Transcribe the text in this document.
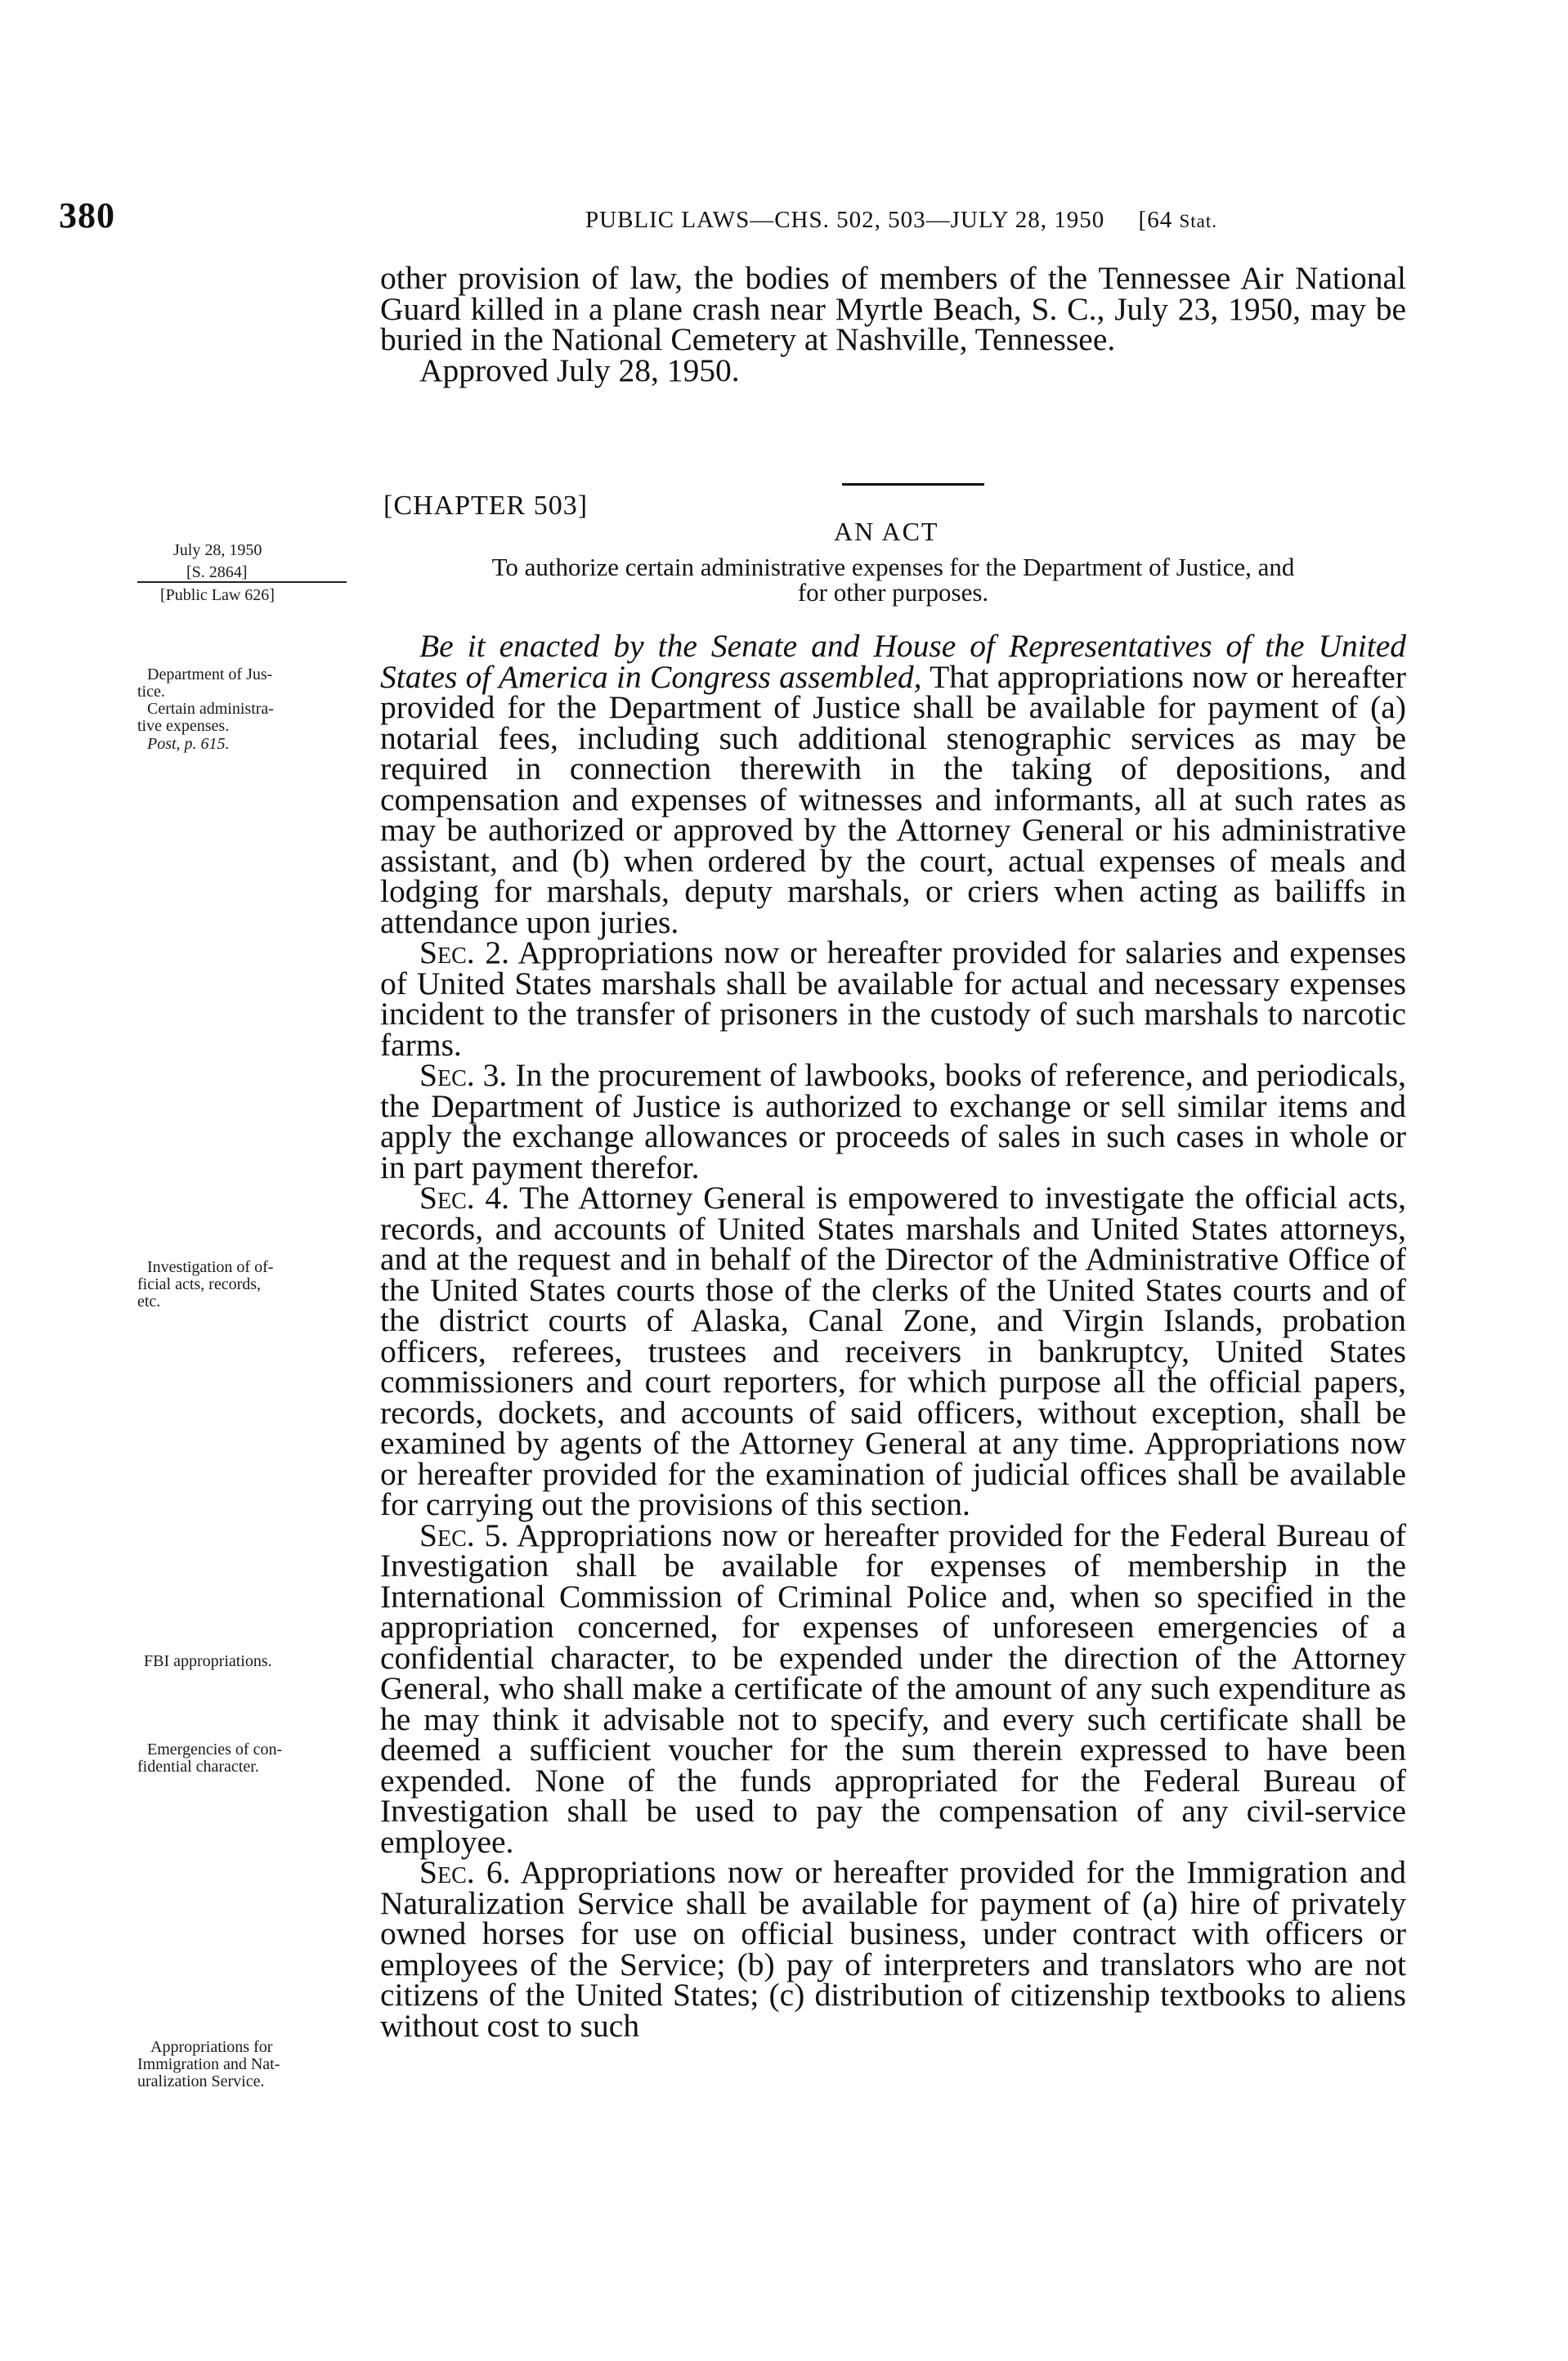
380	PUBLIC LAWS—CHS. 502, 503—JULY 28, 1950 [64 Stat.

other provision of law, the bodies of members of the Tennessee Air National Guard killed in a plane crash near Myrtle Beach, S. C., July 23, 1950, may be buried in the National Cemetery at Nashville, Tennessee.

Approved July 28, 1950.

[CHAPTER 503]
AN ACT
To authorize certain administrative expenses for the Department of Justice, and
for other purposes.

Be it enacted by the Senate and House of Representatives of the United States of America in Congress assembled, That appropriations now or hereafter provided for the Department of Justice shall be available for payment of (a) notarial fees, including such additional stenographic services as may be required in connection therewith in the taking of depositions, and compensation and expenses of witnesses and informants, all at such rates as may be authorized or approved by the Attorney General or his administrative assistant, and (b) when ordered by the court, actual expenses of meals and lodging for marshals, deputy marshals, or criers when acting as bailiffs in attendance upon juries.

Sec. 2. Appropriations now or hereafter provided for salaries and expenses of United States marshals shall be available for actual and necessary expenses incident to the transfer of prisoners in the custody of such marshals to narcotic farms.

Sec. 3. In the procurement of lawbooks, books of reference, and periodicals, the Department of Justice is authorized to exchange or sell similar items and apply the exchange allowances or proceeds of sales in such cases in whole or in part payment therefor.

Sec. 4. The Attorney General is empowered to investigate the official acts, records, and accounts of United States marshals and United States attorneys, and at the request and in behalf of the Director of the Administrative Office of the United States courts those of the clerks of the United States courts and of the district courts of Alaska, Canal Zone, and Virgin Islands, probation officers, referees, trustees and receivers in bankruptcy, United States commissioners and court reporters, for which purpose all the official papers, records, dockets, and accounts of said officers, without exception, shall be examined by agents of the Attorney General at any time. Appropriations now or hereafter provided for the examination of judicial offices shall be available for carrying out the provisions of this section.

Sec. 5. Appropriations now or hereafter provided for the Federal Bureau of Investigation shall be available for expenses of membership in the International Commission of Criminal Police and, when so specified in the appropriation concerned, for expenses of unforeseen emergencies of a confidential character, to be expended under the direction of the Attorney General, who shall make a certificate of the amount of any such expenditure as he may think it advisable not to specify, and every such certificate shall be deemed a sufficient voucher for the sum therein expressed to have been expended. None of the funds appropriated for the Federal Bureau of Investigation shall be used to pay the compensation of any civil-service employee.

Sec. 6. Appropriations now or hereafter provided for the Immigration and Naturalization Service shall be available for payment of (a) hire of privately owned horses for use on official business, under contract with officers or employees of the Service; (b) pay of interpreters and translators who are not citizens of the United States; (c) distribution of citizenship textbooks to aliens without cost to such

July 28, 1950
[S. 2864]
[Public Law 626]
Department of Jus-
tice.
Certain administra-
tive expenses.
Post, p. 615.
Investigation of of-
ficial acts, records,
etc.
FBI appropriations.
Emergencies of con-
fidential character.
Appropriations for
Immigration and Nat-
uralization Service.
